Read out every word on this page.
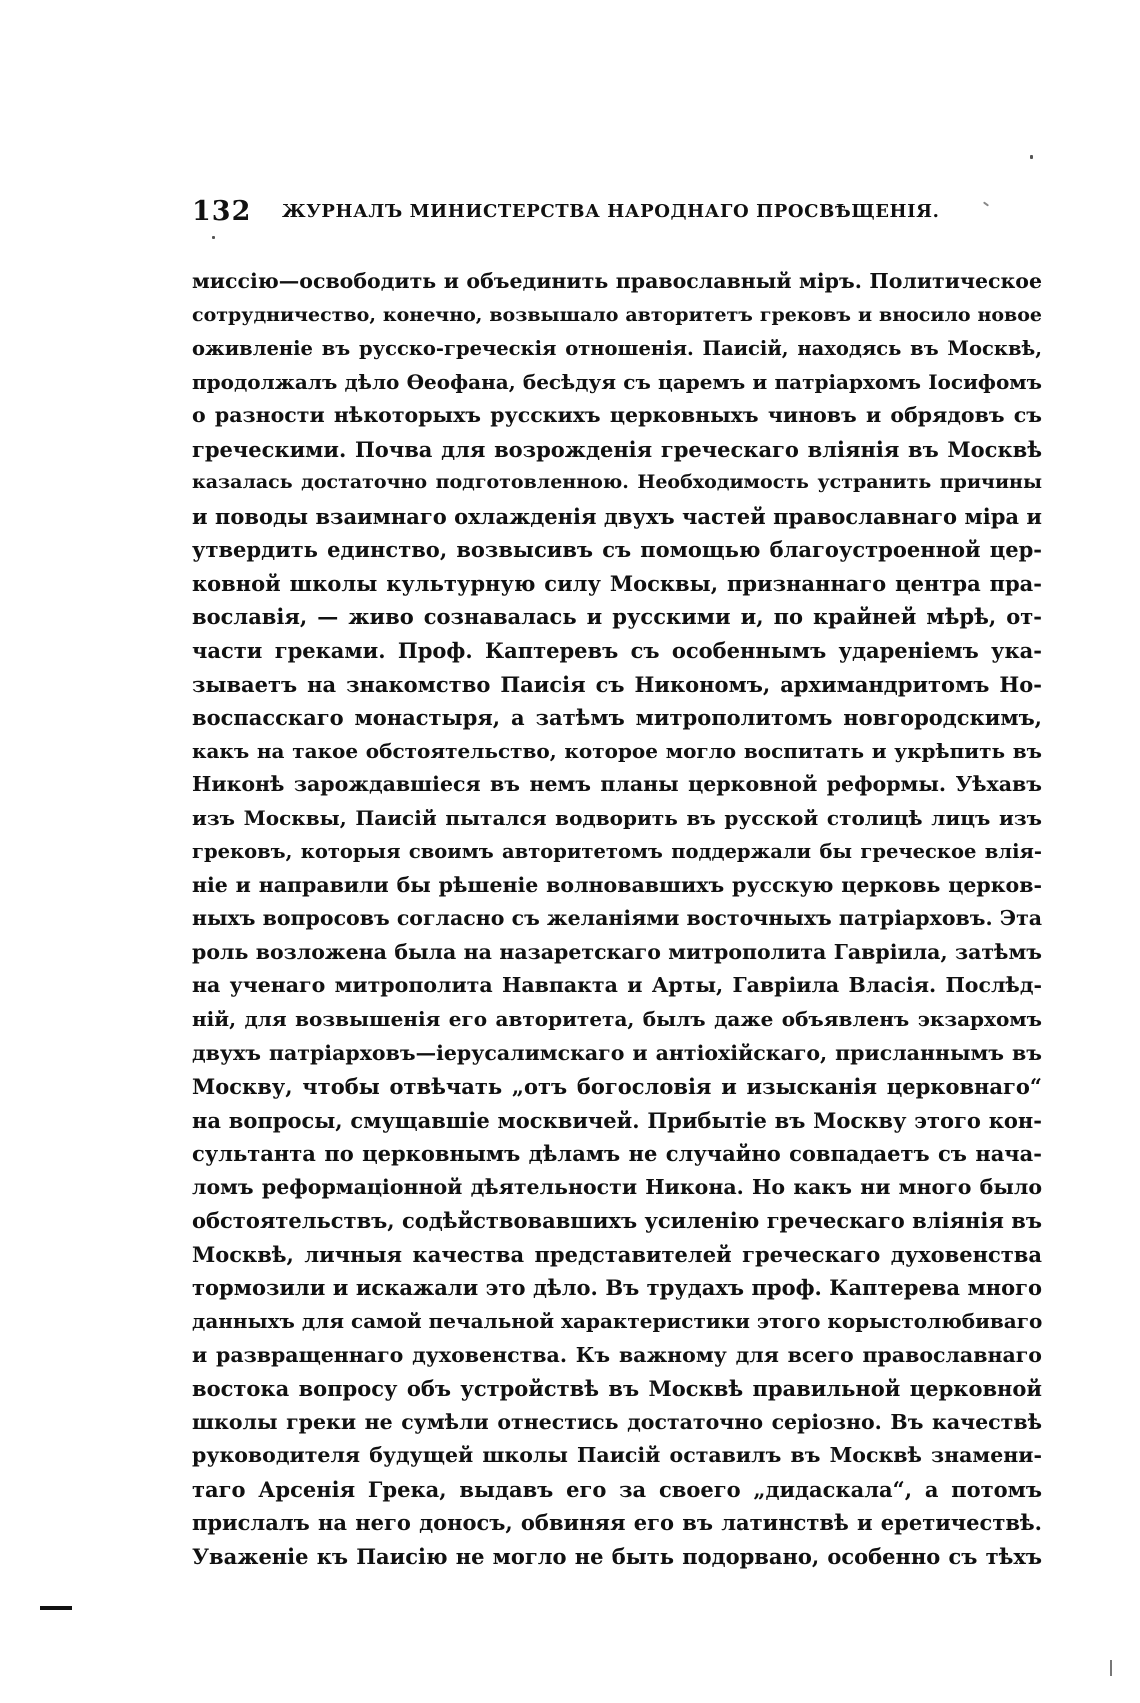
132 ЖУРНАЛЪ МИНИСТЕРСТВА НАРОДНАГО ПРОСВѢЩЕНІЯ.
миссію—освободить и объединить православный міръ. Политическое
сотрудничество, конечно, возвышало авторитетъ грековъ и вносило новое
оживленіе въ русско-греческія отношенія. Паисій, находясь въ Москвѣ,
продолжалъ дѣло Ѳеофана, бесѣдуя съ царемъ и патріархомъ Іосифомъ
о разности нѣкоторыхъ русскихъ церковныхъ чиновъ и обрядовъ съ
греческими. Почва для возрожденія греческаго вліянія въ Москвѣ
казалась достаточно подготовленною. Необходимость устранить причины
и поводы взаимнаго охлажденія двухъ частей православнаго міра и
утвердить единство, возвысивъ съ помощью благоустроенной цер-
ковной школы культурную силу Москвы, признаннаго центра пра-
вославія, — живо сознавалась и русскими и, по крайней мѣрѣ, от-
части греками. Проф. Каптеревъ съ особеннымъ удареніемъ ука-
зываетъ на знакомство Паисія съ Никономъ, архимандритомъ Но-
воспасскаго монастыря, а затѣмъ митрополитомъ новгородскимъ,
какъ на такое обстоятельство, которое могло воспитать и укрѣпить въ
Никонѣ зарождавшіеся въ немъ планы церковной реформы. Уѣхавъ
изъ Москвы, Паисій пытался водворить въ русской столицѣ лицъ изъ
грековъ, которыя своимъ авторитетомъ поддержали бы греческое влія-
ніе и направили бы рѣшеніе волновавшихъ русскую церковь церков-
ныхъ вопросовъ согласно съ желаніями восточныхъ патріарховъ. Эта
роль возложена была на назаретскаго митрополита Гавріила, затѣмъ
на ученаго митрополита Навпакта и Арты, Гавріила Власія. Послѣд-
ній, для возвышенія его авторитета, былъ даже объявленъ экзархомъ
двухъ патріарховъ—іерусалимскаго и антіохійскаго, присланнымъ въ
Москву, чтобы отвѣчать „отъ богословія и изысканія церковнаго“
на вопросы, смущавшіе москвичей. Прибытіе въ Москву этого кон-
сультанта по церковнымъ дѣламъ не случайно совпадаетъ съ нача-
ломъ реформаціонной дѣятельности Никона. Но какъ ни много было
обстоятельствъ, содѣйствовавшихъ усиленію греческаго вліянія въ
Москвѣ, личныя качества представителей греческаго духовенства
тормозили и искажали это дѣло. Въ трудахъ проф. Каптерева много
данныхъ для самой печальной характеристики этого корыстолюбиваго
и развращеннаго духовенства. Къ важному для всего православнаго
востока вопросу объ устройствѣ въ Москвѣ правильной церковной
школы греки не сумѣли отнестись достаточно серіозно. Въ качествѣ
руководителя будущей школы Паисій оставилъ въ Москвѣ знамени-
таго Арсенія Грека, выдавъ его за своего „дидаскала“, а потомъ
прислалъ на него доносъ, обвиняя его въ латинствѣ и еретичествѣ.
Уваженіе къ Паисію не могло не быть подорвано, особенно съ тѣхъ
